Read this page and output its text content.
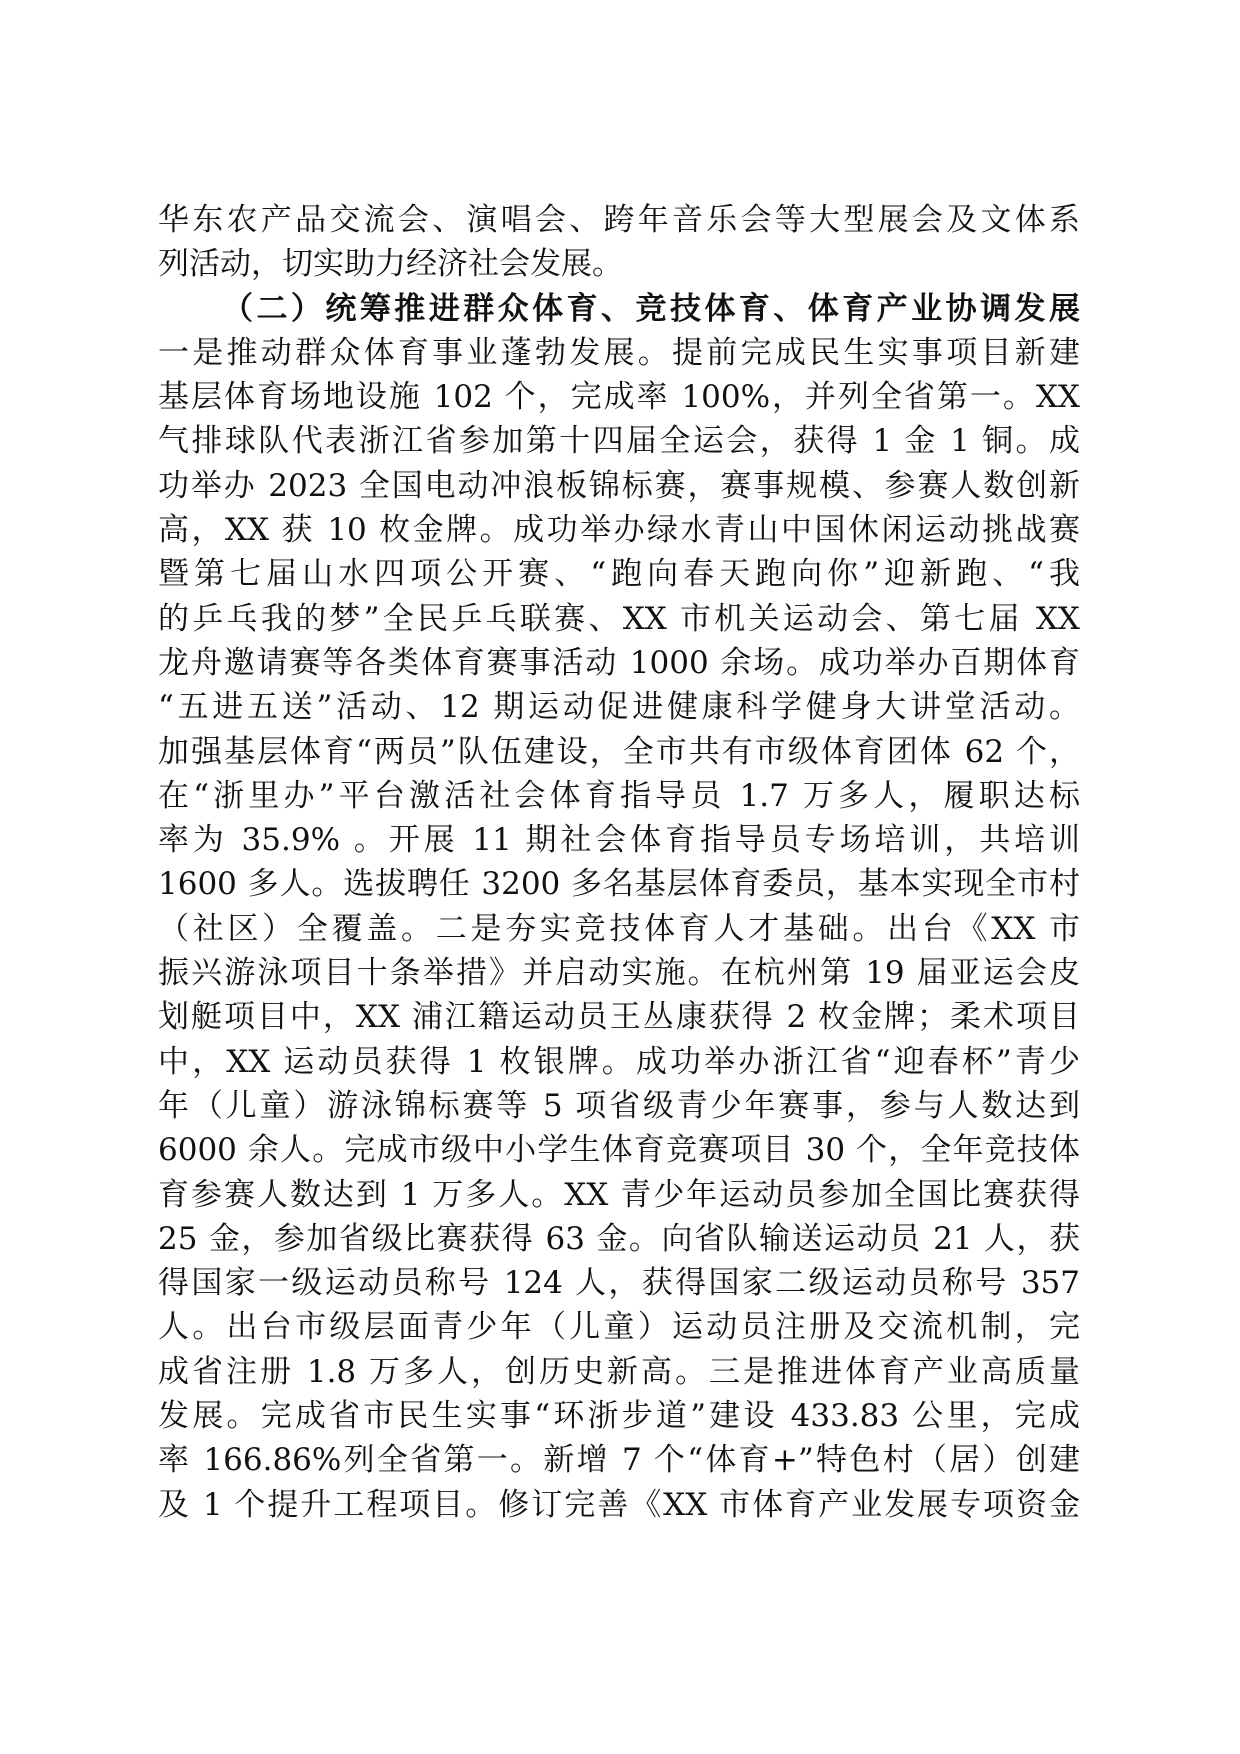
华东农产品交流会、演唱会、跨年音乐会等大型展会及文体系
列活动，切实助力经济社会发展。
（二）统筹推进群众体育、竞技体育、体育产业协调发展
一是推动群众体育事业蓬勃发展。提前完成民生实事项目新建
基层体育场地设施 102 个，完成率 100%，并列全省第一。XX
气排球队代表浙江省参加第十四届全运会，获得 1 金 1 铜。成
功举办 2023 全国电动冲浪板锦标赛，赛事规模、参赛人数创新
高，XX 获 10 枚金牌。成功举办绿水青山中国休闲运动挑战赛
暨第七届山水四项公开赛、“跑向春天跑向你”迎新跑、“我
的乒乓我的梦”全民乒乓联赛、XX 市机关运动会、第七届 XX
龙舟邀请赛等各类体育赛事活动 1000 余场。成功举办百期体育
“五进五送”活动、12 期运动促进健康科学健身大讲堂活动。
加强基层体育“两员”队伍建设，全市共有市级体育团体 62 个，
在“浙里办”平台激活社会体育指导员 1.7 万多人，履职达标
率为 35.9% 。开展 11 期社会体育指导员专场培训，共培训
1600 多人。选拔聘任 3200 多名基层体育委员，基本实现全市村
（社区）全覆盖。二是夯实竞技体育人才基础。出台《XX 市
振兴游泳项目十条举措》并启动实施。在杭州第 19 届亚运会皮
划艇项目中，XX 浦江籍运动员王丛康获得 2 枚金牌；柔术项目
中，XX 运动员获得 1 枚银牌。成功举办浙江省“迎春杯”青少
年（儿童）游泳锦标赛等 5 项省级青少年赛事，参与人数达到
6000 余人。完成市级中小学生体育竞赛项目 30 个，全年竞技体
育参赛人数达到 1 万多人。XX 青少年运动员参加全国比赛获得
25 金，参加省级比赛获得 63 金。向省队输送运动员 21 人，获
得国家一级运动员称号 124 人，获得国家二级运动员称号 357
人。出台市级层面青少年（儿童）运动员注册及交流机制，完
成省注册 1.8 万多人，创历史新高。三是推进体育产业高质量
发展。完成省市民生实事“环浙步道”建设 433.83 公里，完成
率 166.86%列全省第一。新增 7 个“体育+”特色村（居）创建
及 1 个提升工程项目。修订完善《XX 市体育产业发展专项资金
